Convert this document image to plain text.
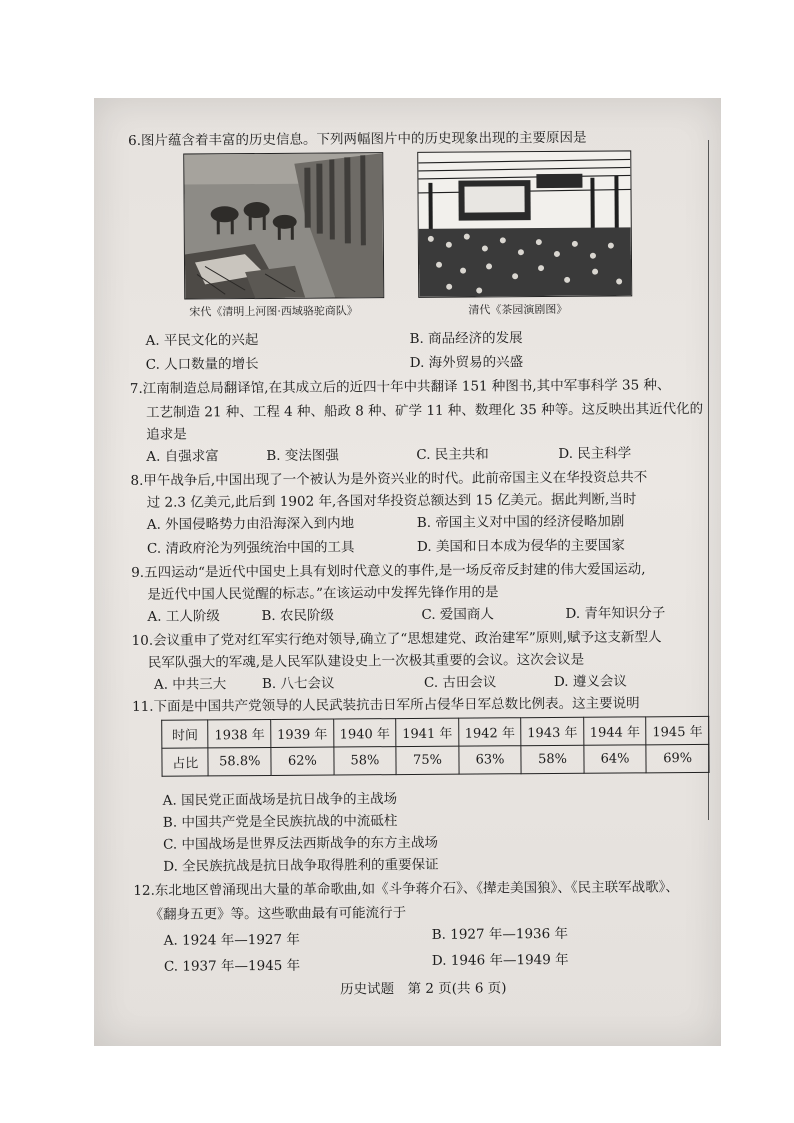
6.图片蕴含着丰富的历史信息。下列两幅图片中的历史现象出现的主要原因是
宋代《清明上河图·西域骆驼商队》	清代《茶园演剧图》
A. 平民文化的兴起	B. 商品经济的发展
C. 人口数量的增长	D. 海外贸易的兴盛
7.江南制造总局翻译馆,在其成立后的近四十年中共翻译 151 种图书,其中军事科学 35 种、
工艺制造 21 种、工程 4 种、船政 8 种、矿学 11 种、数理化 35 种等。这反映出其近代化的
追求是
A. 自强求富	B. 变法图强	C. 民主共和	D. 民主科学
8.甲午战争后,中国出现了一个被认为是外资兴业的时代。此前帝国主义在华投资总共不
过 2.3 亿美元,此后到 1902 年,各国对华投资总额达到 15 亿美元。据此判断,当时
A. 外国侵略势力由沿海深入到内地	B. 帝国主义对中国的经济侵略加剧
C. 清政府沦为列强统治中国的工具	D. 美国和日本成为侵华的主要国家
9.五四运动“是近代中国史上具有划时代意义的事件,是一场反帝反封建的伟大爱国运动,
是近代中国人民觉醒的标志。”在该运动中发挥先锋作用的是
A. 工人阶级	B. 农民阶级	C. 爱国商人	D. 青年知识分子
10.会议重申了党对红军实行绝对领导,确立了“思想建党、政治建军”原则,赋予这支新型人
民军队强大的军魂,是人民军队建设史上一次极其重要的会议。这次会议是
A. 中共三大	B. 八七会议	C. 古田会议	D. 遵义会议
11.下面是中国共产党领导的人民武装抗击日军所占侵华日军总数比例表。这主要说明
时间	1938 年	1939 年	1940 年	1941 年	1942 年	1943 年	1944 年	1945 年
占比	58.8%	62%	58%	75%	63%	58%	64%	69%
A. 国民党正面战场是抗日战争的主战场
B. 中国共产党是全民族抗战的中流砥柱
C. 中国战场是世界反法西斯战争的东方主战场
D. 全民族抗战是抗日战争取得胜利的重要保证
12.东北地区曾涌现出大量的革命歌曲,如《斗争蒋介石》、《撵走美国狼》、《民主联军战歌》、
《翻身五更》等。这些歌曲最有可能流行于
A. 1924 年—1927 年	B. 1927 年—1936 年
C. 1937 年—1945 年	D. 1946 年—1949 年
历史试题　第 2 页(共 6 页)
